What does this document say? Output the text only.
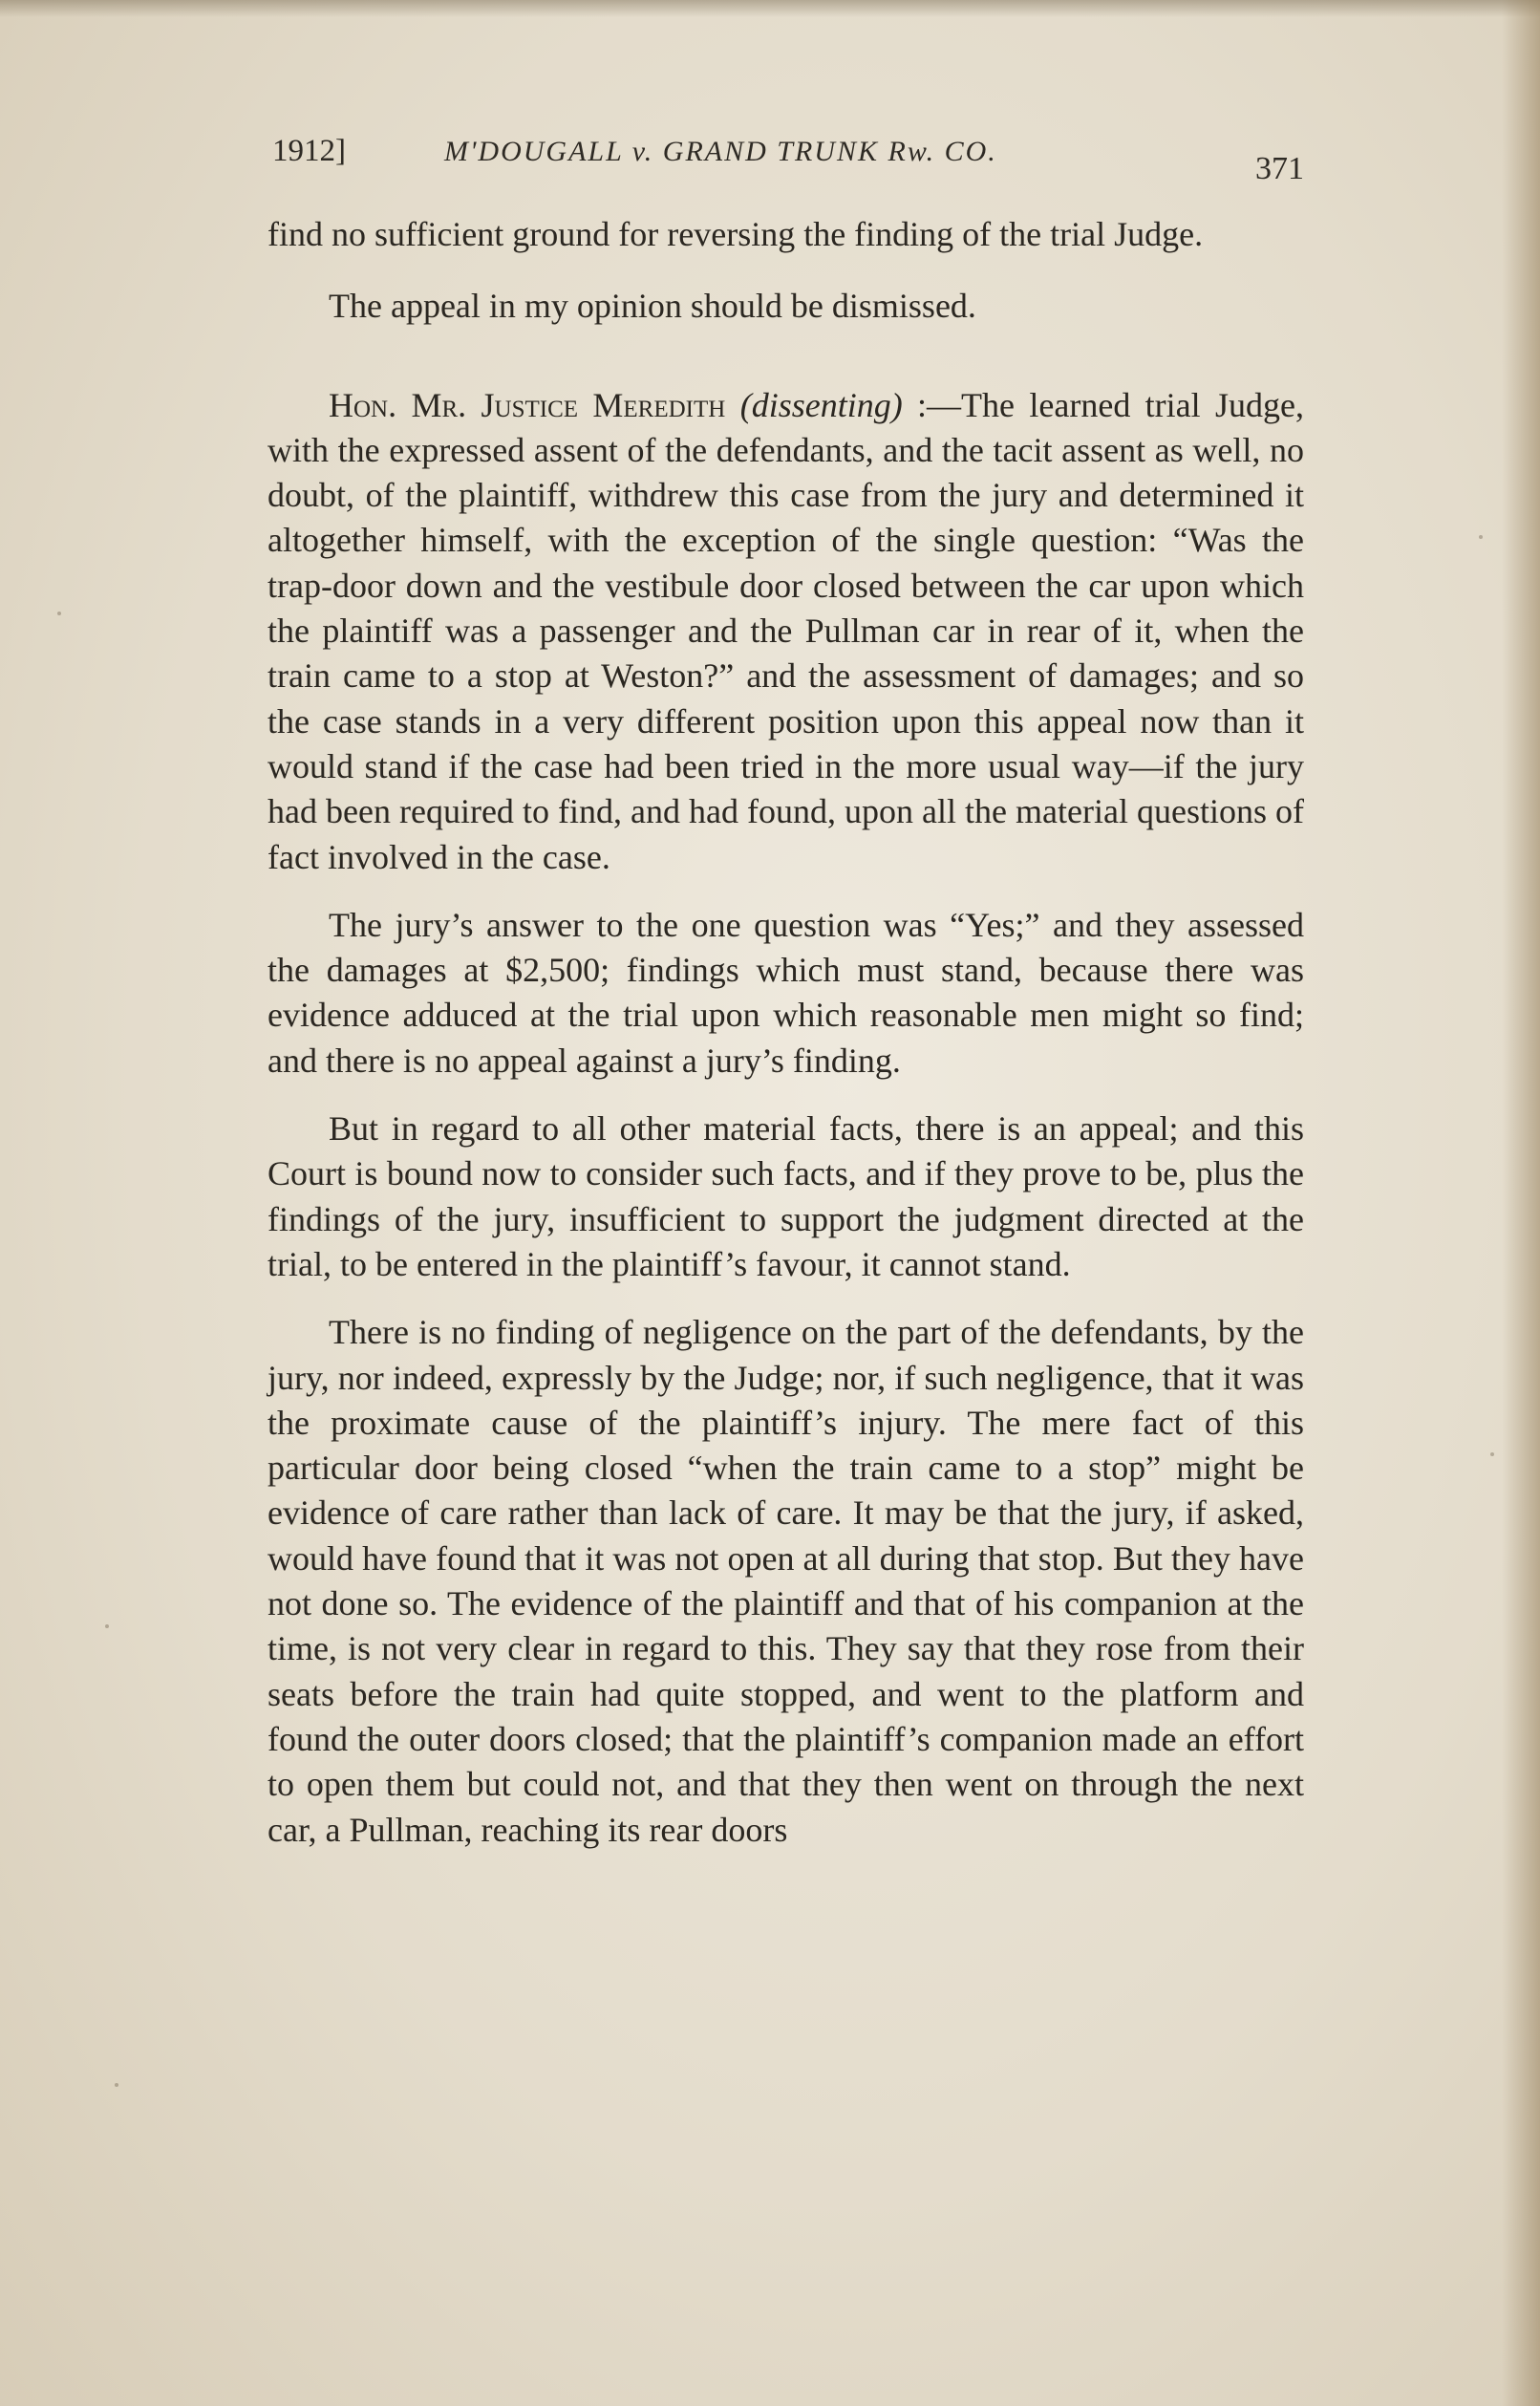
1912]	M'DOUGALL v. GRAND TRUNK Rw. CO.	371

find no sufficient ground for reversing the finding of the trial Judge.

The appeal in my opinion should be dismissed.

Hon. Mr. Justice Meredith (dissenting) :—The learned trial Judge, with the expressed assent of the defendants, and the tacit assent as well, no doubt, of the plaintiff, withdrew this case from the jury and determined it altogether himself, with the exception of the single question: “Was the trap-door down and the vestibule door closed between the car upon which the plaintiff was a passenger and the Pullman car in rear of it, when the train came to a stop at Weston?” and the assessment of damages; and so the case stands in a very different position upon this appeal now than it would stand if the case had been tried in the more usual way—if the jury had been required to find, and had found, upon all the material questions of fact involved in the case.

The jury’s answer to the one question was “Yes;” and they assessed the damages at $2,500; findings which must stand, because there was evidence adduced at the trial upon which reasonable men might so find; and there is no appeal against a jury’s finding.

But in regard to all other material facts, there is an appeal; and this Court is bound now to consider such facts, and if they prove to be, plus the findings of the jury, insufficient to support the judgment directed at the trial, to be entered in the plaintiff’s favour, it cannot stand.

There is no finding of negligence on the part of the defendants, by the jury, nor indeed, expressly by the Judge; nor, if such negligence, that it was the proximate cause of the plaintiff’s injury. The mere fact of this particular door being closed “when the train came to a stop” might be evidence of care rather than lack of care. It may be that the jury, if asked, would have found that it was not open at all during that stop. But they have not done so. The evidence of the plaintiff and that of his companion at the time, is not very clear in regard to this. They say that they rose from their seats before the train had quite stopped, and went to the platform and found the outer doors closed; that the plaintiff’s companion made an effort to open them but could not, and that they then went on through the next car, a Pullman, reaching its rear doors
